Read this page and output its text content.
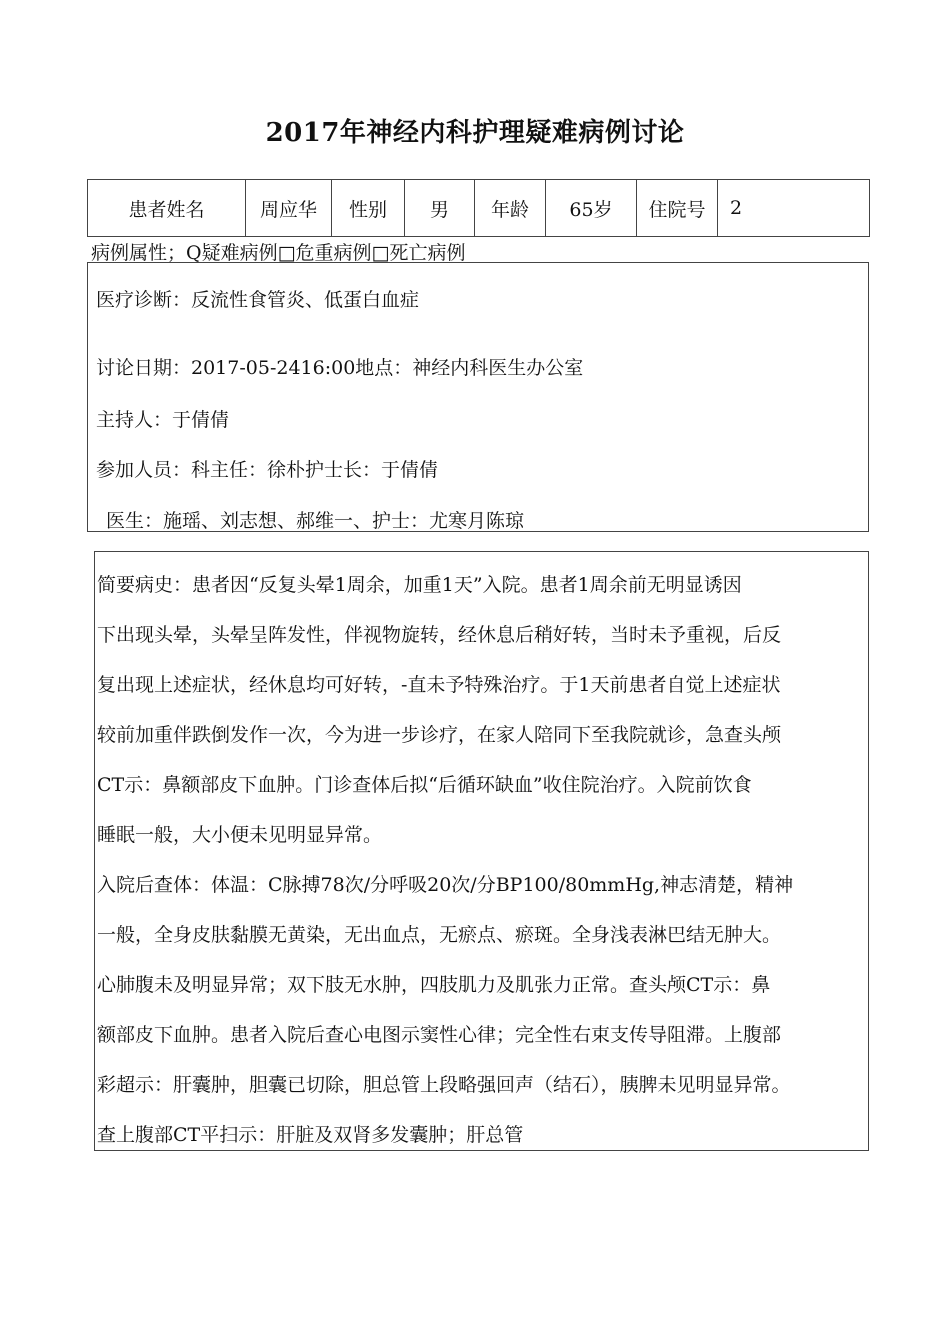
2017年神经内科护理疑难病例讨论
患者姓名	周应华	性别	男	年龄	65岁	住院号	2
病例属性；Q疑难病例□危重病例□死亡病例
医疗诊断：反流性食管炎、低蛋白血症
讨论日期：2017-05-2416:00地点：神经内科医生办公室
主持人：于倩倩
参加人员：科主任：徐朴护士长：于倩倩
医生：施瑶、刘志想、郝维一、护士：尤寒月陈琼
简要病史：患者因“反复头晕1周余，加重1天”入院。患者1周余前无明显诱因
下出现头晕，头晕呈阵发性，伴视物旋转，经休息后稍好转，当时未予重视，后反
复出现上述症状，经休息均可好转，-直未予特殊治疗。于1天前患者自觉上述症状
较前加重伴跌倒发作一次，今为进一步诊疗，在家人陪同下至我院就诊，急查头颅
CT示：鼻额部皮下血肿。门诊查体后拟“后循环缺血”收住院治疗。入院前饮食
睡眠一般，大小便未见明显异常。
入院后查体：体温：C脉搏78次/分呼吸20次/分BP100/80mmHg,神志清楚，精神
一般，全身皮肤黏膜无黄染，无出血点，无瘀点、瘀斑。全身浅表淋巴结无肿大。
心肺腹未及明显异常；双下肢无水肿，四肢肌力及肌张力正常。查头颅CT示：鼻
额部皮下血肿。患者入院后查心电图示窦性心律；完全性右束支传导阻滞。上腹部
彩超示：肝囊肿，胆囊已切除，胆总管上段略强回声（结石），胰脾未见明显异常。
查上腹部CT平扫示：肝脏及双肾多发囊肿；肝总管
